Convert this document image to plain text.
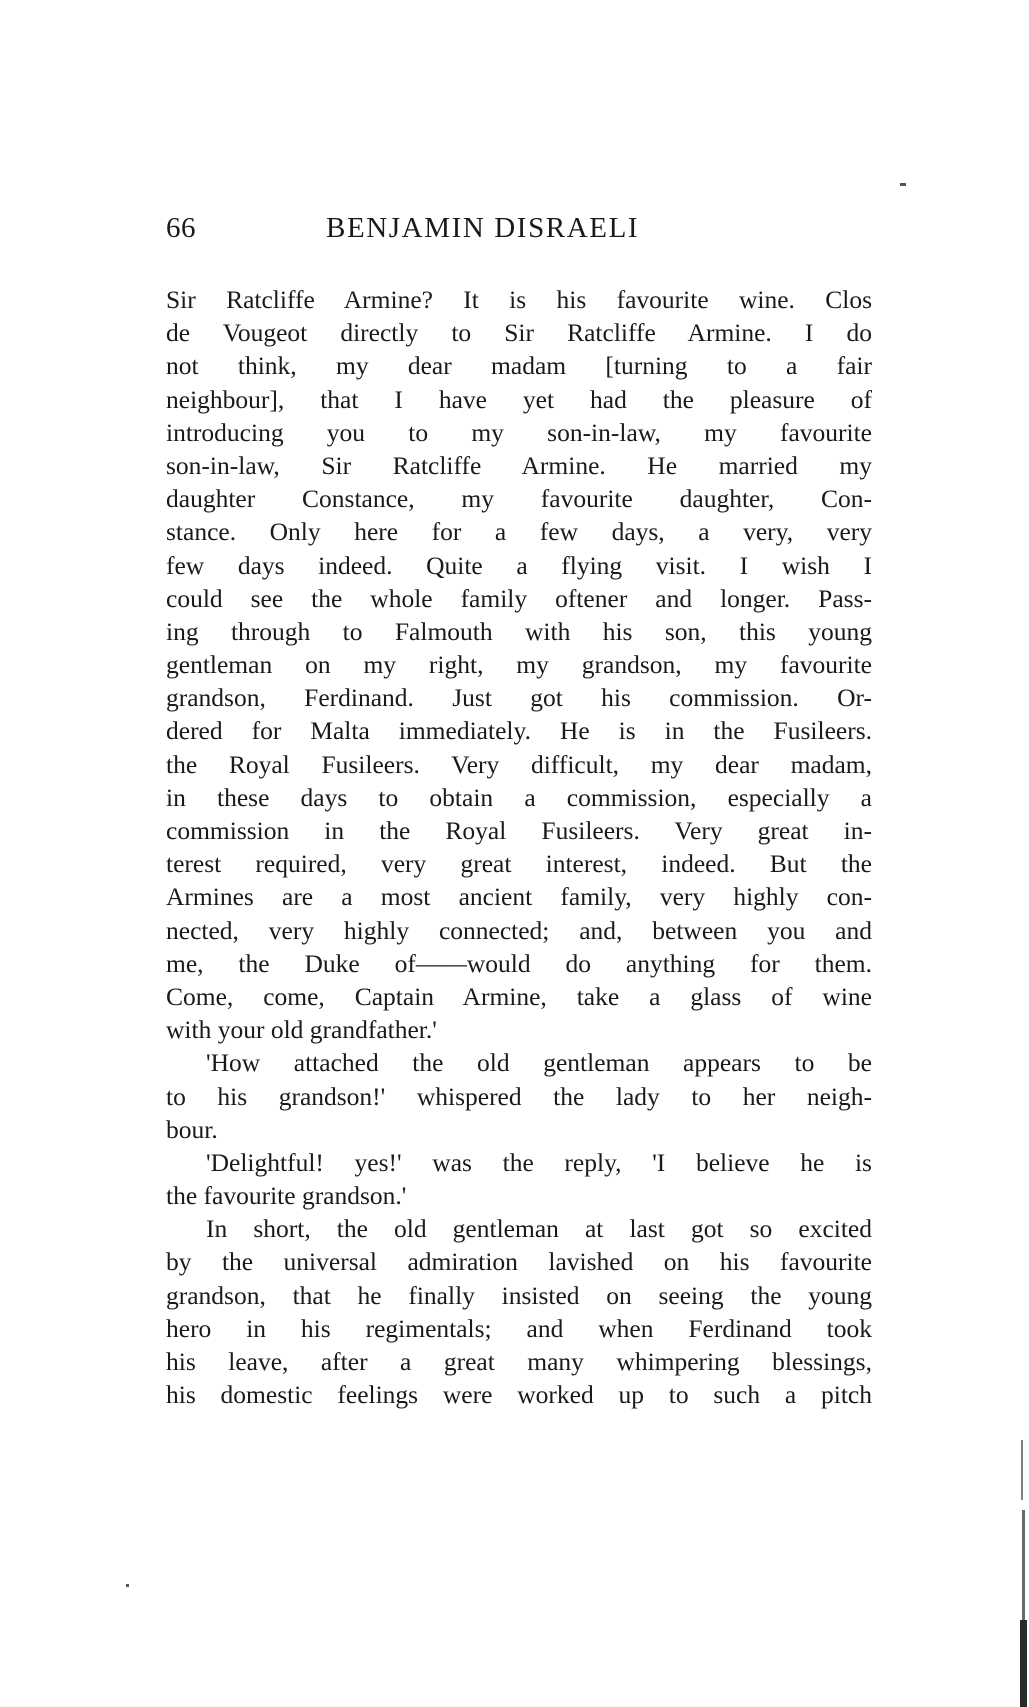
66	BENJAMIN DISRAELI
Sir Ratcliffe Armine? It is his favourite wine. Clos
de Vougeot directly to Sir Ratcliffe Armine. I do
not think, my dear madam [turning to a fair
neighbour], that I have yet had the pleasure of
introducing you to my son-in-law, my favourite
son-in-law, Sir Ratcliffe Armine. He married my
daughter Constance, my favourite daughter, Con-
stance. Only here for a few days, a very, very
few days indeed. Quite a flying visit. I wish I
could see the whole family oftener and longer. Pass-
ing through to Falmouth with his son, this young
gentleman on my right, my grandson, my favourite
grandson, Ferdinand. Just got his commission. Or-
dered for Malta immediately. He is in the Fusileers.
the Royal Fusileers. Very difficult, my dear madam,
in these days to obtain a commission, especially a
commission in the Royal Fusileers. Very great in-
terest required, very great interest, indeed. But the
Armines are a most ancient family, very highly con-
nected, very highly connected; and, between you and
me, the Duke of——would do anything for them.
Come, come, Captain Armine, take a glass of wine
with your old grandfather.'
'How attached the old gentleman appears to be
to his grandson!' whispered the lady to her neigh-
bour.
'Delightful! yes!' was the reply, 'I believe he is
the favourite grandson.'
In short, the old gentleman at last got so excited
by the universal admiration lavished on his favourite
grandson, that he finally insisted on seeing the young
hero in his regimentals; and when Ferdinand took
his leave, after a great many whimpering blessings,
his domestic feelings were worked up to such a pitch
